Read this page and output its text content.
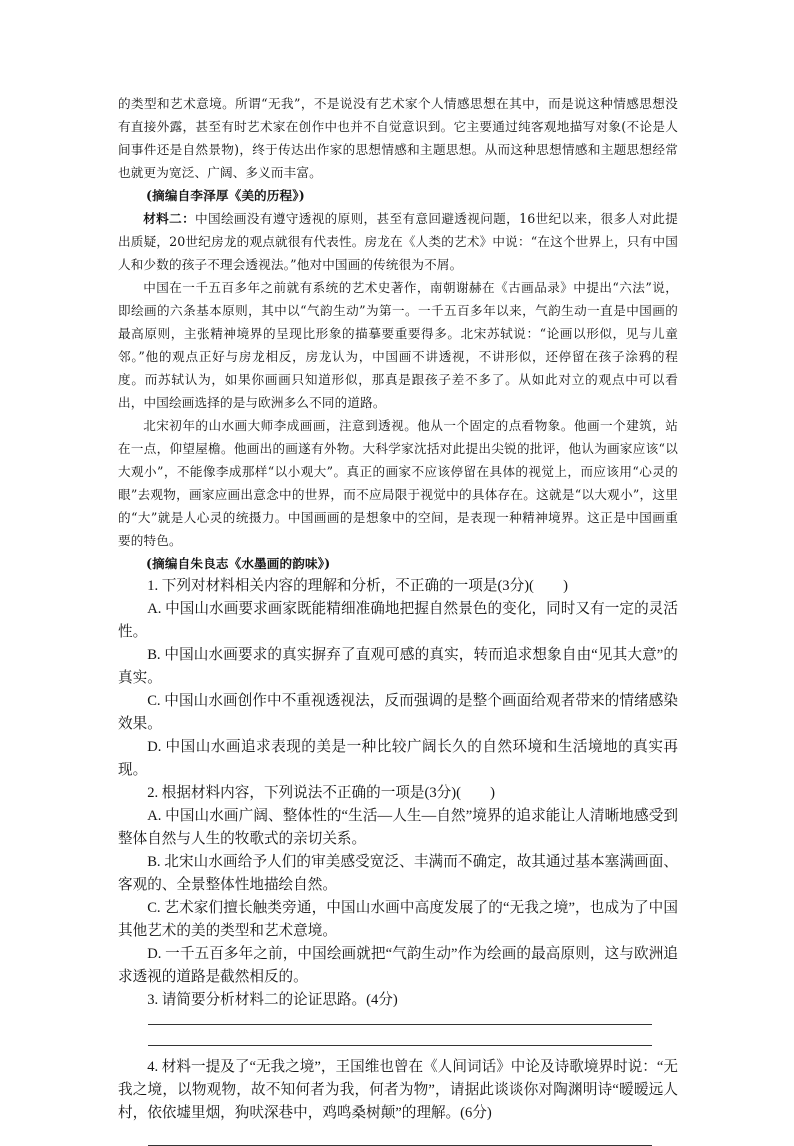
的类型和艺术意境。所谓“无我”，不是说没有艺术家个人情感思想在其中，而是说这种情感思想没有直接外露，甚至有时艺术家在创作中也并不自觉意识到。它主要通过纯客观地描写对象(不论是人间事件还是自然景物)，终于传达出作家的思想情感和主题思想。从而这种思想情感和主题思想经常也就更为宽泛、广阔、多义而丰富。

(摘编自李泽厚《美的历程》)

材料二：中国绘画没有遵守透视的原则，甚至有意回避透视问题，16世纪以来，很多人对此提出质疑，20世纪房龙的观点就很有代表性。房龙在《人类的艺术》中说：“在这个世界上，只有中国人和少数的孩子不理会透视法。”他对中国画的传统很为不屑。

中国在一千五百多年之前就有系统的艺术史著作，南朝谢赫在《古画品录》中提出“六法”说，即绘画的六条基本原则，其中以“气韵生动”为第一。一千五百多年以来，气韵生动一直是中国画的最高原则，主张精神境界的呈现比形象的描摹要重要得多。北宋苏轼说：“论画以形似，见与儿童邻。”他的观点正好与房龙相反，房龙认为，中国画不讲透视，不讲形似，还停留在孩子涂鸦的程度。而苏轼认为，如果你画画只知道形似，那真是跟孩子差不多了。从如此对立的观点中可以看出，中国绘画选择的是与欧洲多么不同的道路。

北宋初年的山水画大师李成画画，注意到透视。他从一个固定的点看物象。他画一个建筑，站在一点，仰望屋檐。他画出的画遂有外物。大科学家沈括对此提出尖锐的批评，他认为画家应该“以大观小”，不能像李成那样“以小观大”。真正的画家不应该停留在具体的视觉上，而应该用“心灵的眼”去观物，画家应画出意念中的世界，而不应局限于视觉中的具体存在。这就是“以大观小”，这里的“大”就是人心灵的统摄力。中国画画的是想象中的空间，是表现一种精神境界。这正是中国画重要的特色。

(摘编自朱良志《水墨画的韵味》)

1. 下列对材料相关内容的理解和分析，不正确的一项是(3分)(　　)

A. 中国山水画要求画家既能精细准确地把握自然景色的变化，同时又有一定的灵活性。

B. 中国山水画要求的真实摒弃了直观可感的真实，转而追求想象自由“见其大意”的真实。

C. 中国山水画创作中不重视透视法，反而强调的是整个画面给观者带来的情绪感染效果。

D. 中国山水画追求表现的美是一种比较广阔长久的自然环境和生活境地的真实再现。

2. 根据材料内容，下列说法不正确的一项是(3分)(　　)

A. 中国山水画广阔、整体性的“生活—人生—自然”境界的追求能让人清晰地感受到整体自然与人生的牧歌式的亲切关系。

B. 北宋山水画给予人们的审美感受宽泛、丰满而不确定，故其通过基本塞满画面、客观的、全景整体性地描绘自然。

C. 艺术家们擅长触类旁通，中国山水画中高度发展了的“无我之境”，也成为了中国其他艺术的美的类型和艺术意境。

D. 一千五百多年之前，中国绘画就把“气韵生动”作为绘画的最高原则，这与欧洲追求透视的道路是截然相反的。

3. 请简要分析材料二的论证思路。(4分)

4. 材料一提及了“无我之境”，王国维也曾在《人间词话》中论及诗歌境界时说：“无我之境，以物观物，故不知何者为我，何者为物”，请据此谈谈你对陶渊明诗“暧暧远人村，依依墟里烟，狗吠深巷中，鸡鸣桑树颠”的理解。(6分)
